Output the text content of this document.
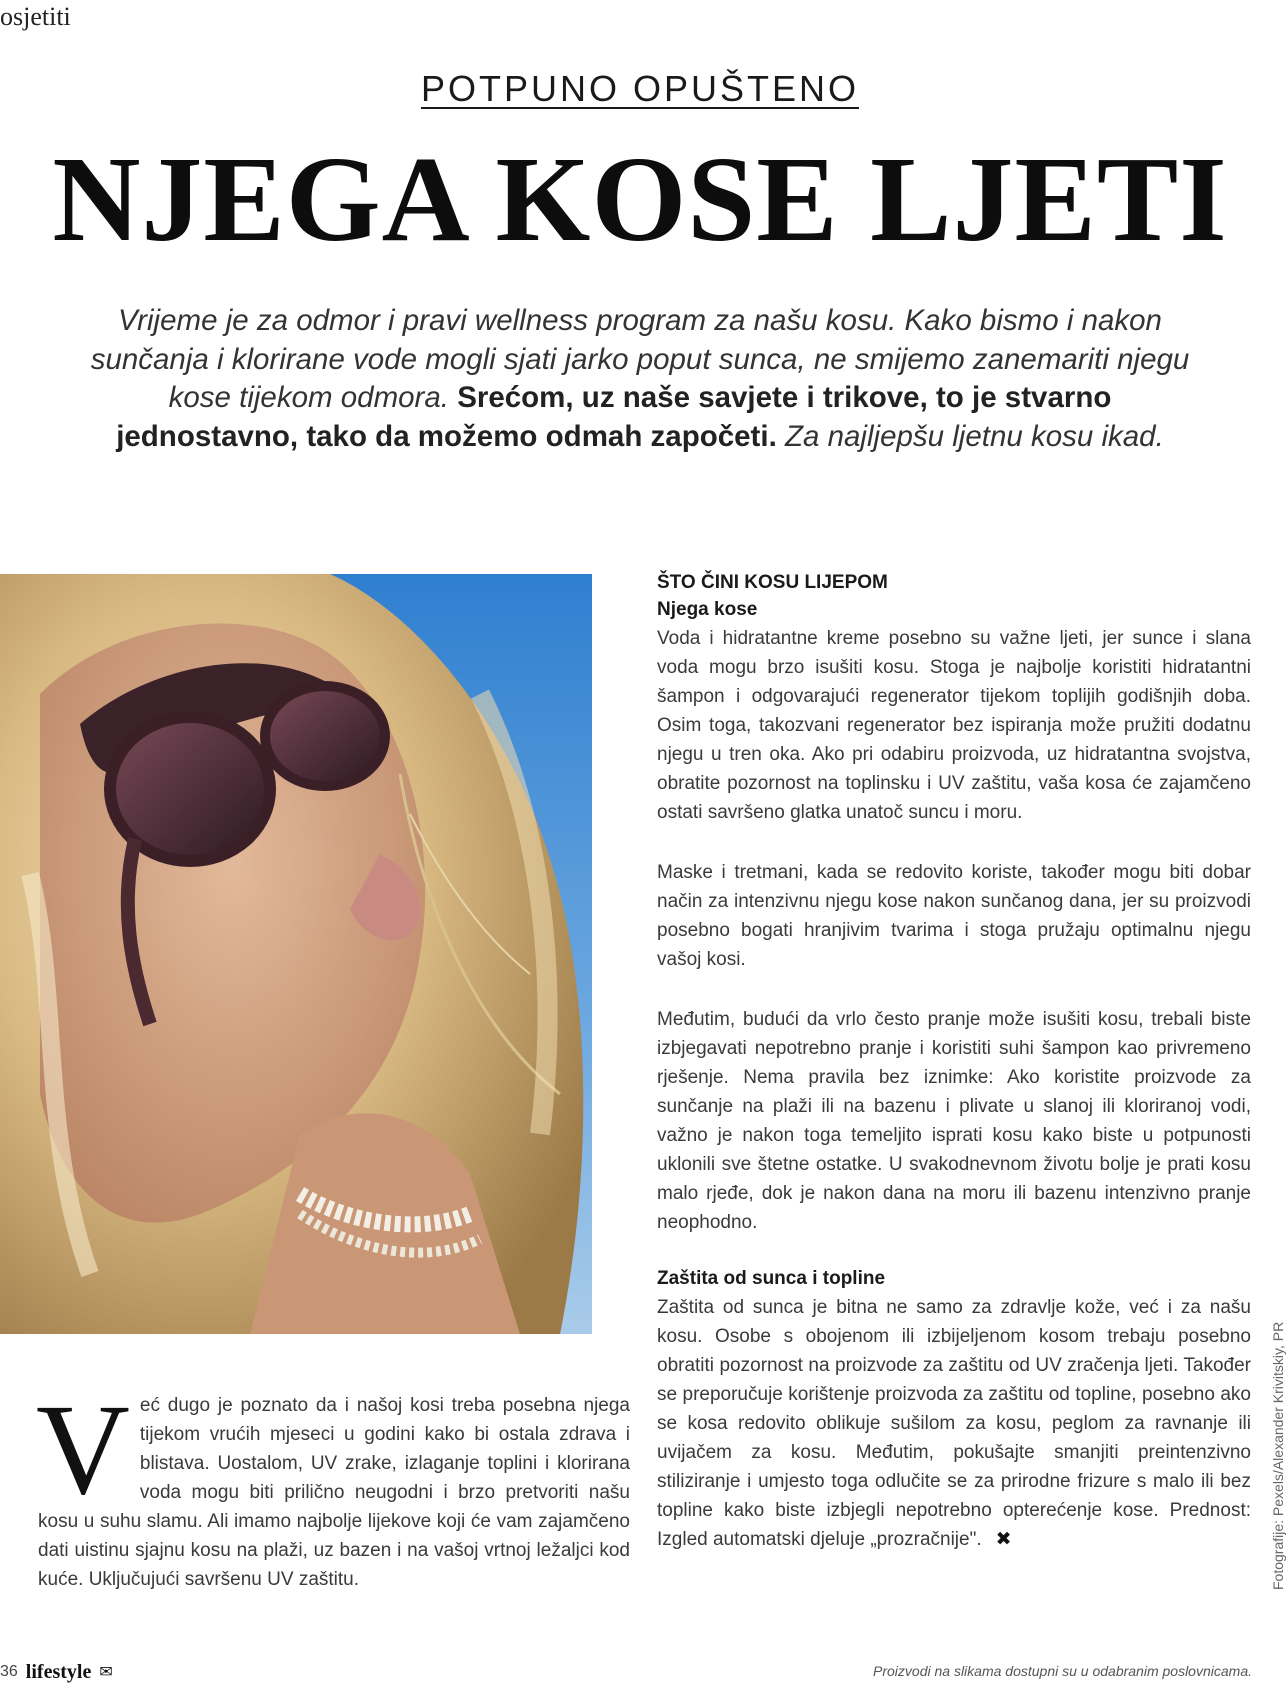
osjetiti
POTPUNO OPUŠTENO
NJEGA KOSE LJETI
Vrijeme je za odmor i pravi wellness program za našu kosu. Kako bismo i nakon sunčanja i klorirane vode mogli sjati jarko poput sunca, ne smijemo zanemariti njegu kose tijekom odmora. Srećom, uz naše savjete i trikove, to je stvarno jednostavno, tako da možemo odmah započeti. Za najljepšu ljetnu kosu ikad.
ŠTO ČINI KOSU LIJEPOM
Njega kose

Voda i hidratantne kreme posebno su važne ljeti, jer sunce i slana voda mogu brzo isušiti kosu. Stoga je najbolje koristiti hidratantni šampon i odgovarajući regenerator tijekom toplijih godišnjih doba. Osim toga, takozvani regenerator bez ispiranja može pružiti dodatnu njegu u tren oka. Ako pri odabiru proizvoda, uz hidratantna svojstva, obratite pozornost na toplinsku i UV zaštitu, vaša kosa će zajamčeno ostati savršeno glatka unatoč suncu i moru.

Maske i tretmani, kada se redovito koriste, također mogu biti dobar način za intenzivnu njegu kose nakon sunčanog dana, jer su proizvodi posebno bogati hranjivim tvarima i stoga pružaju optimalnu njegu vašoj kosi.

Međutim, budući da vrlo često pranje može isušiti kosu, trebali biste izbjegavati nepotrebno pranje i koristiti suhi šampon kao privremeno rješenje. Nema pravila bez iznimke: Ako koristite proizvode za sunčanje na plaži ili na bazenu i plivate u slanoj ili kloriranoj vodi, važno je nakon toga temeljito isprati kosu kako biste u potpunosti uklonili sve štetne ostatke. U svakodnevnom životu bolje je prati kosu malo rjeđe, dok je nakon dana na moru ili bazenu intenzivno pranje neophodno.

Zaštita od sunca i topline

Zaštita od sunca je bitna ne samo za zdravlje kože, već i za našu kosu. Osobe s obojenom ili izbijeljenom kosom trebaju posebno obratiti pozornost na proizvode za zaštitu od UV zračenja ljeti. Također se preporučuje korištenje proizvoda za zaštitu od topline, posebno ako se kosa redovito oblikuje sušilom za kosu, peglom za ravnanje ili uvijačem za kosu. Međutim, pokušajte smanjiti preintenzivno stiliziranje i umjesto toga odlučite se za prirodne frizure s malo ili bez topline kako biste izbjegli nepotrebno opterećenje kose. Prednost: Izgled automatski djeluje „prozračnije". ✖

V eć dugo je poznato da i našoj kosi treba posebna njega tijekom vrućih mjeseci u godini kako bi ostala zdrava i blistava. Uostalom, UV zrake, izlaganje toplini i klorirana voda mogu biti prilično neugodni i brzo pretvoriti našu kosu u suhu slamu. Ali imamo najbolje lijekove koji će vam zajamčeno dati uistinu sjajnu kosu na plaži, uz bazen i na vašoj vrtnoj ležaljci kod kuće. Uključujući savršenu UV zaštitu.	Fotografije: Pexels/Alexander Krivitskiy, PR
36 lifestyle ✉	Proizvodi na slikama dostupni su u odabranim poslovnicama.
